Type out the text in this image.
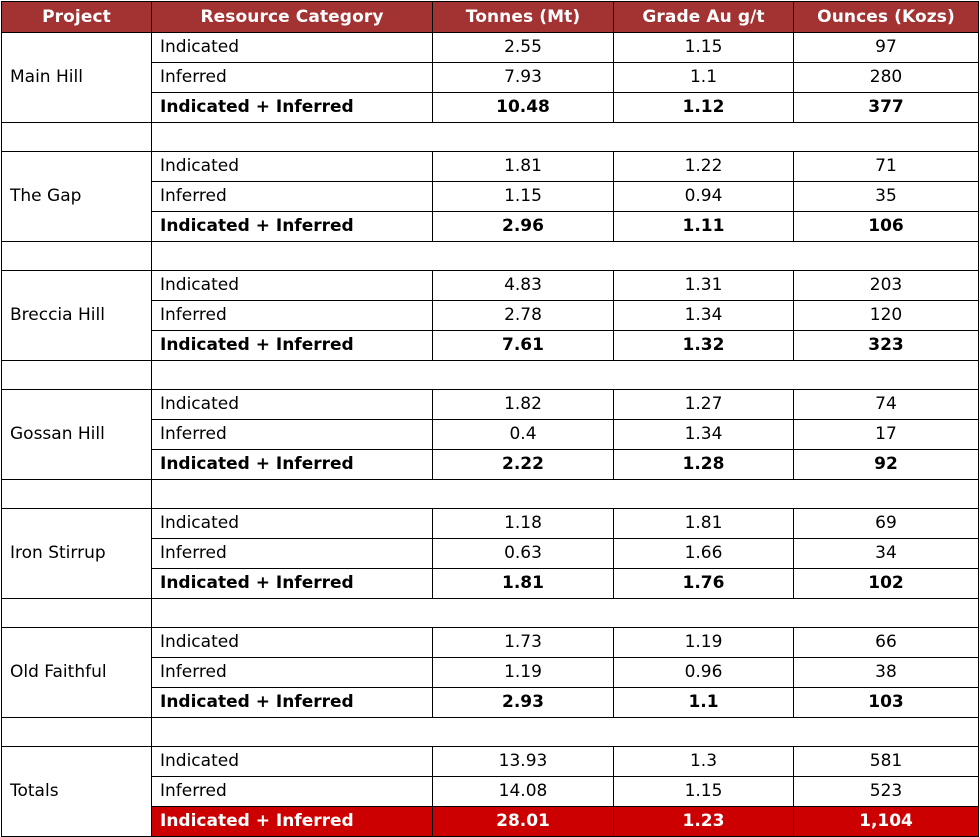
Project	Resource Category	Tonnes (Mt)	Grade Au g/t	Ounces (Kozs)
Main Hill	Indicated	2.55	1.15	97
	Inferred	7.93	1.1	280
	Indicated + Inferred	10.48	1.12	377

The Gap	Indicated	1.81	1.22	71
	Inferred	1.15	0.94	35
	Indicated + Inferred	2.96	1.11	106

Breccia Hill	Indicated	4.83	1.31	203
	Inferred	2.78	1.34	120
	Indicated + Inferred	7.61	1.32	323

Gossan Hill	Indicated	1.82	1.27	74
	Inferred	0.4	1.34	17
	Indicated + Inferred	2.22	1.28	92

Iron Stirrup	Indicated	1.18	1.81	69
	Inferred	0.63	1.66	34
	Indicated + Inferred	1.81	1.76	102

Old Faithful	Indicated	1.73	1.19	66
	Inferred	1.19	0.96	38
	Indicated + Inferred	2.93	1.1	103

Totals	Indicated	13.93	1.3	581
	Inferred	14.08	1.15	523
	Indicated + Inferred	28.01	1.23	1,104
